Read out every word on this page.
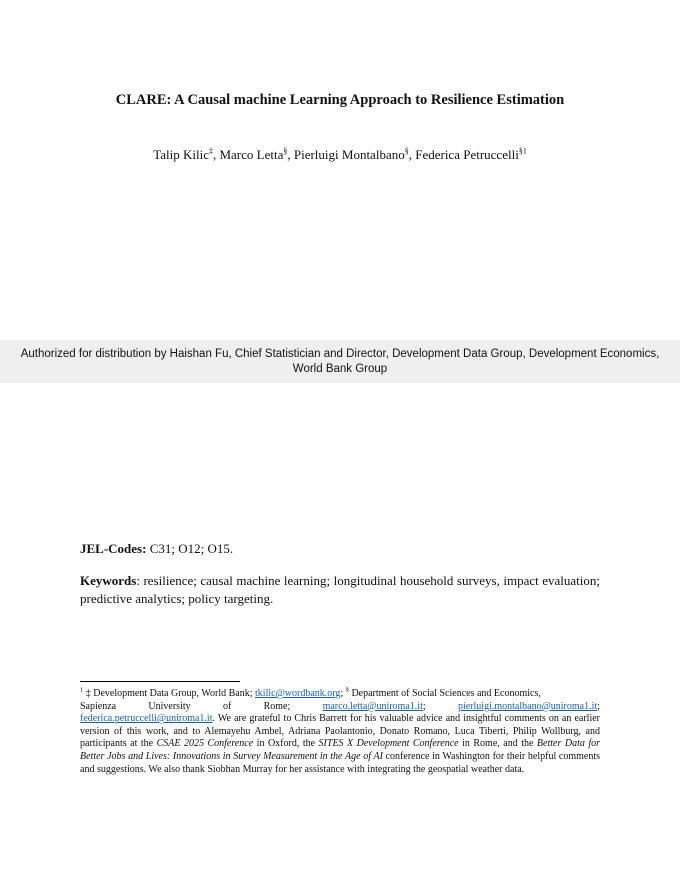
CLARE: A Causal machine Learning Approach to Resilience Estimation
Talip Kilic‡, Marco Letta§, Pierluigi Montalbano§, Federica Petruccelli$^{\S 1}$
Authorized for distribution by Haishan Fu, Chief Statistician and Director, Development Data Group, Development Economics,
World Bank Group
JEL-Codes: C31; O12; O15.
Keywords: resilience; causal machine learning; longitudinal household surveys, impact evaluation; predictive analytics; policy targeting.
$^1$ ‡ Development Data Group, World Bank; tkilic@wordbank.org; § Department of Social Sciences and Economics,
Sapienza	University	of	Rome;	marco.letta@uniroma1.it;	pierluigi.montalbano@uniroma1.it;
federica.petruccelli@uniroma1.it. We are grateful to Chris Barrett for his valuable advice and insightful comments on an earlier version of this work, and to Alemayehu Ambel, Adriana Paolantonio, Donato Romano, Luca Tiberti, Philip Wollburg, and participants at the CSAE 2025 Conference in Oxford, the SITES X Development Conference in Rome, and the Better Data for Better Jobs and Lives: Innovations in Survey Measurement in the Age of AI conference in Washington for their helpful comments and suggestions. We also thank Siobhan Murray for her assistance with integrating the geospatial weather data.
